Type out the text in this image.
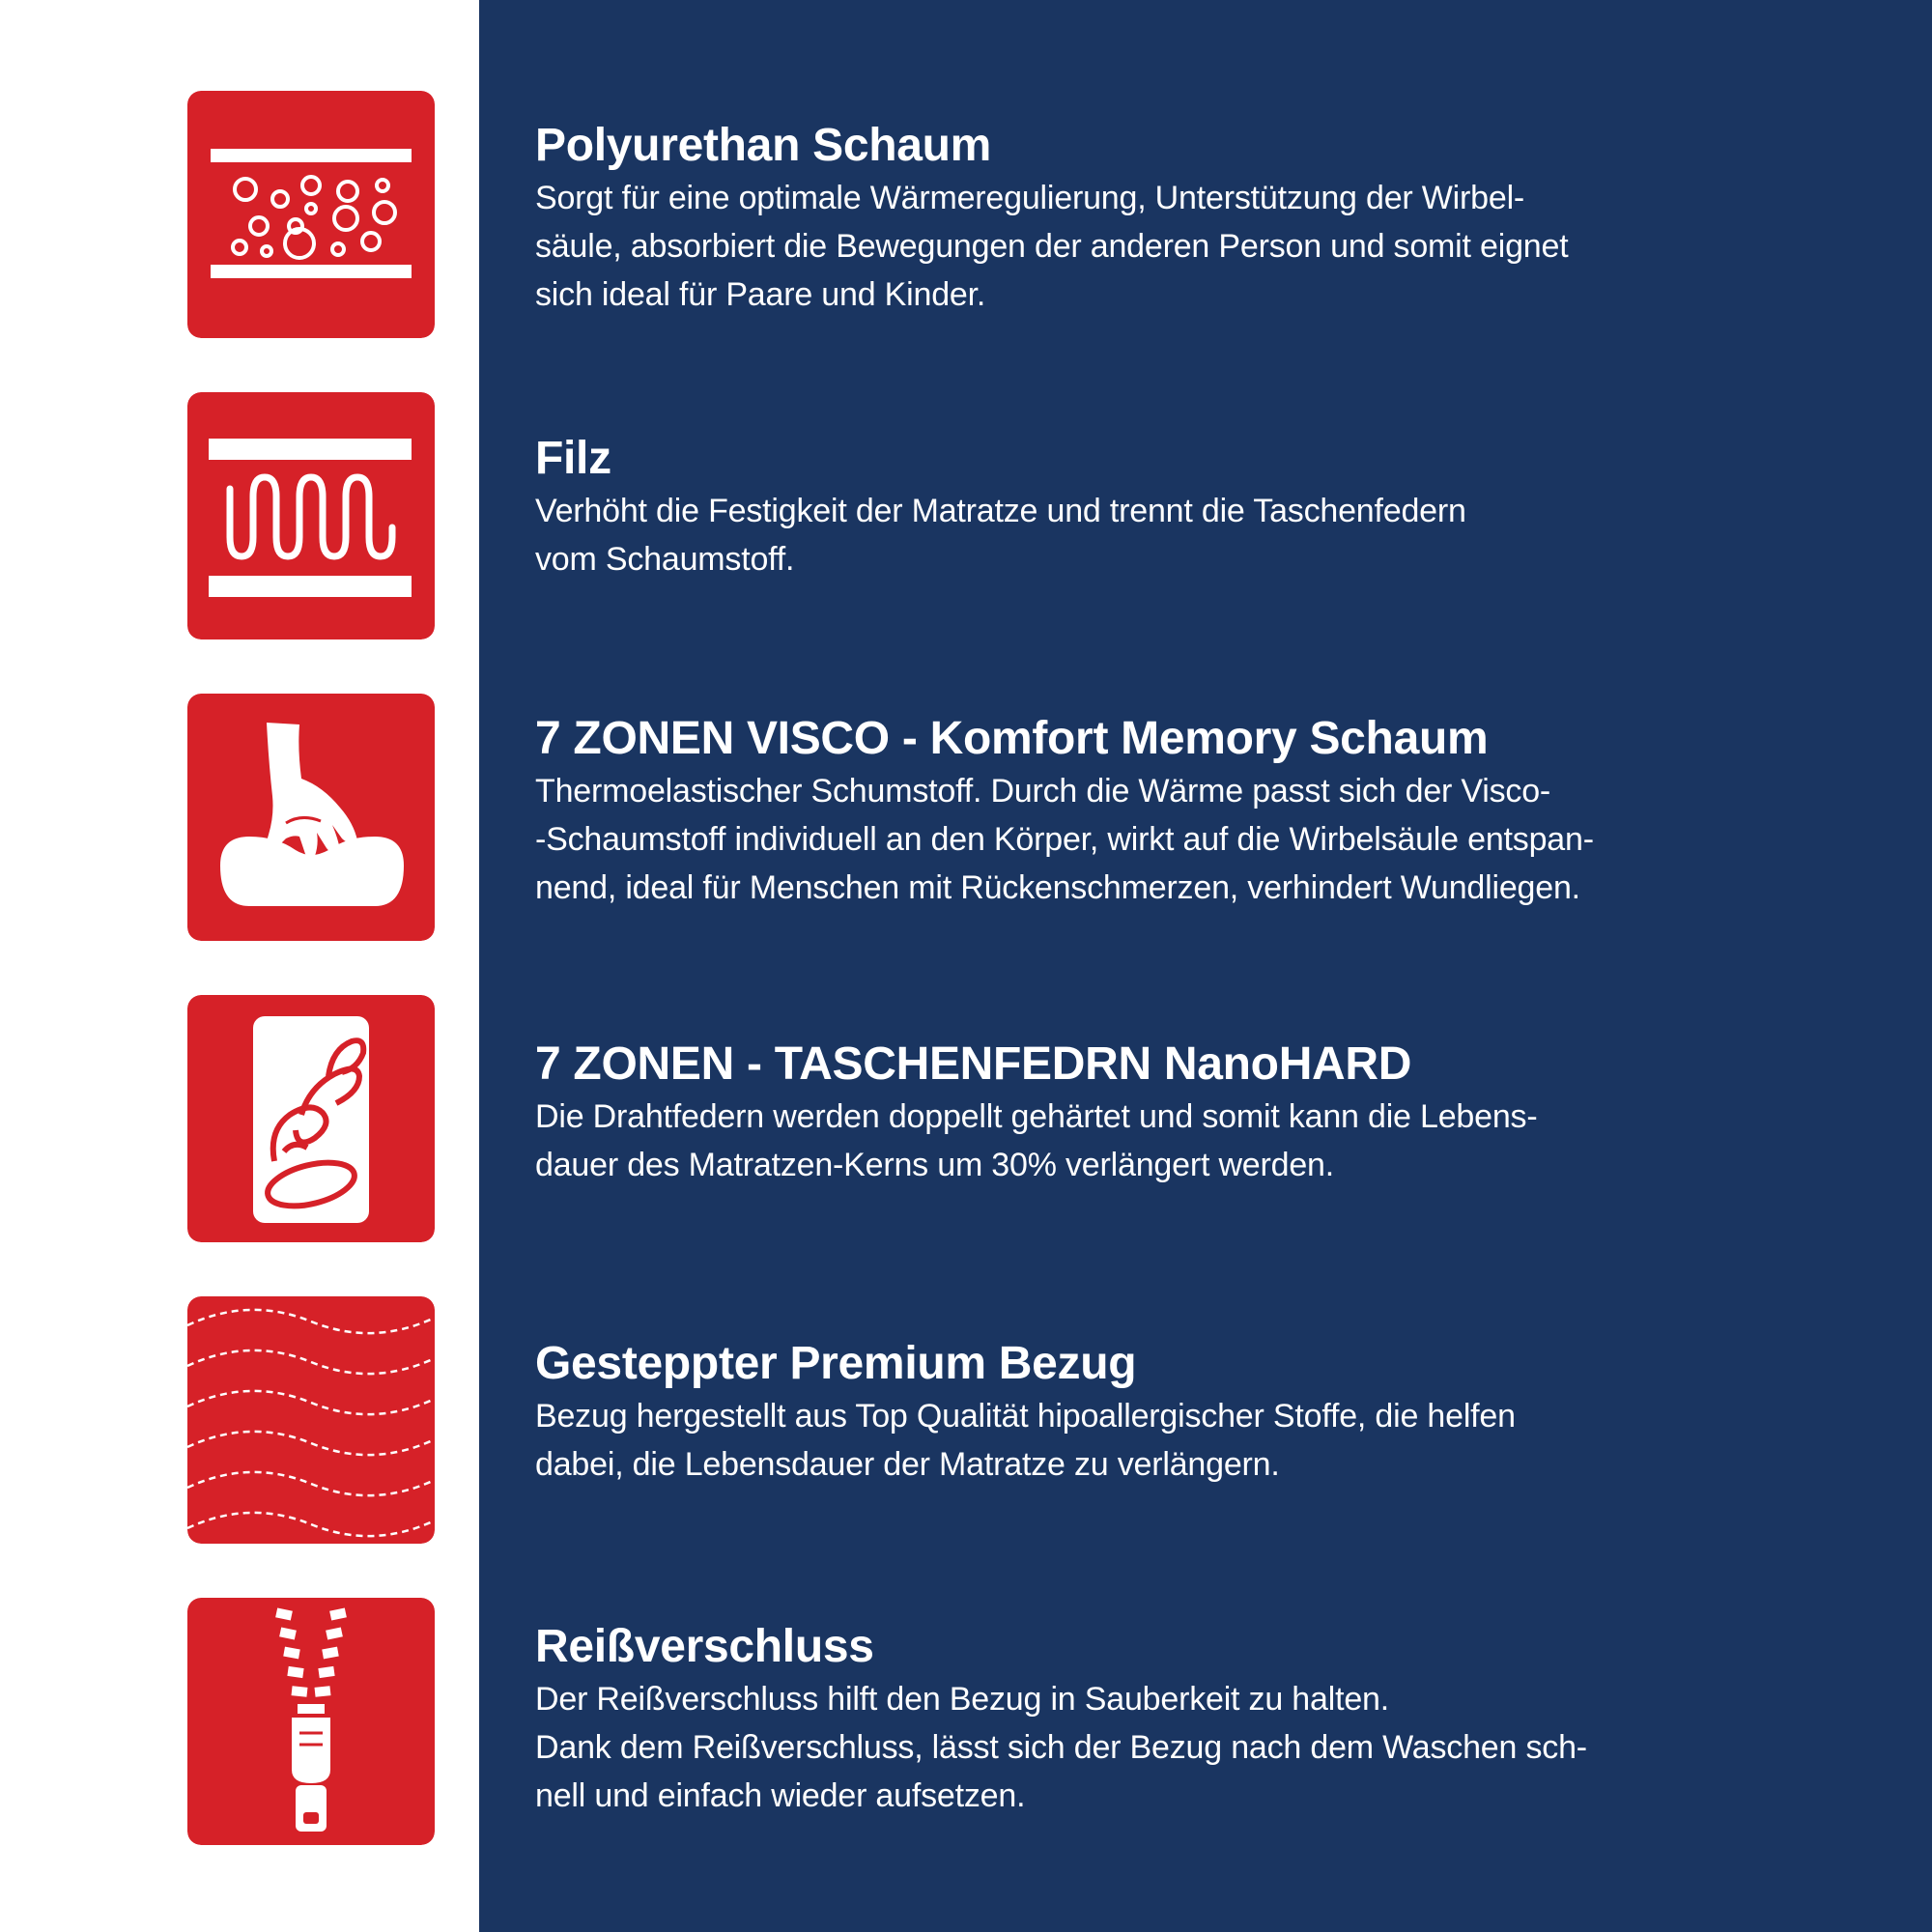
Polyurethan Schaum

Sorgt für eine optimale Wärmeregulierung, Unterstützung der Wirbel-
säule, absorbiert die Bewegungen der anderen Person und somit eignet
sich ideal für Paare und Kinder.

Filz

Verhöht die Festigkeit der Matratze und trennt die Taschenfedern
vom Schaumstoff.

7 ZONEN VISCO - Komfort Memory Schaum

Thermoelastischer Schumstoff. Durch die Wärme passt sich der Visco-
-Schaumstoff individuell an den Körper, wirkt auf die Wirbelsäule entspan-
nend, ideal für Menschen mit Rückenschmerzen, verhindert Wundliegen.

7 ZONEN - TASCHENFEDRN NanoHARD

Die Drahtfedern werden doppellt gehärtet und somit kann die Lebens-
dauer des Matratzen-Kerns um 30% verlängert werden.

Gesteppter Premium Bezug

Bezug hergestellt aus Top Qualität hipoallergischer Stoffe, die helfen
dabei, die Lebensdauer der Matratze zu verlängern.

Reißverschluss

Der Reißverschluss hilft den Bezug in Sauberkeit zu halten.
Dank dem Reißverschluss, lässt sich der Bezug nach dem Waschen sch-
nell und einfach wieder aufsetzen.
